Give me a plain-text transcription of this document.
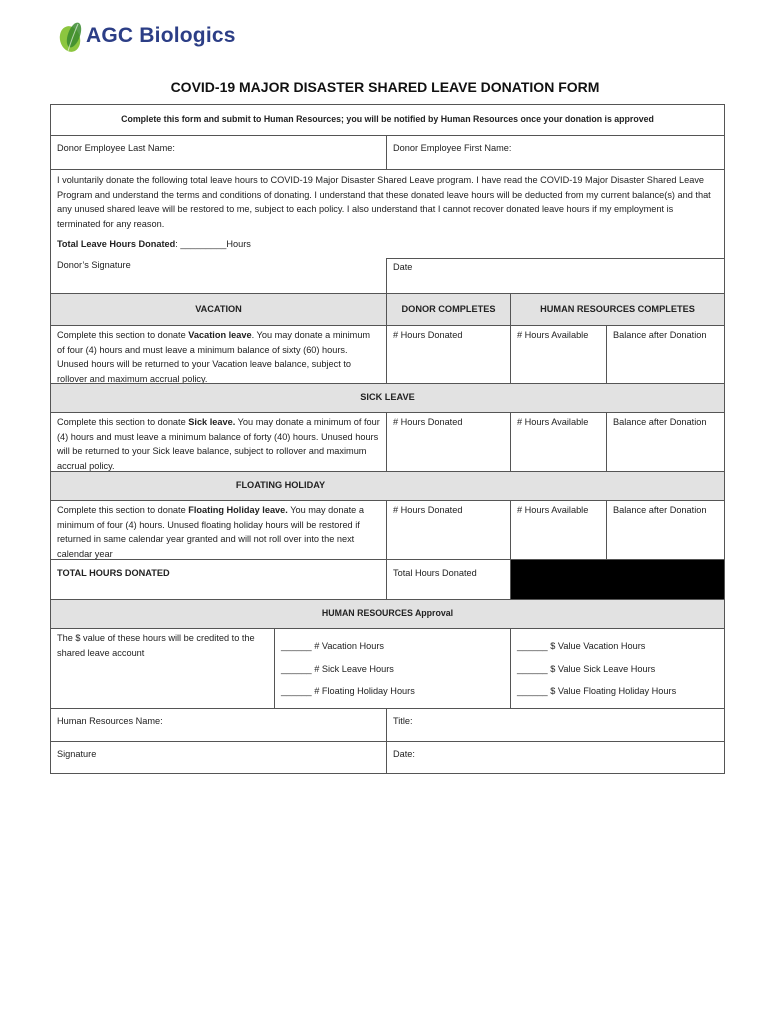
AGC Biologics
COVID-19 MAJOR DISASTER SHARED LEAVE DONATION FORM
Complete this form and submit to Human Resources; you will be notified by Human Resources once your donation is approved
Donor Employee Last Name:	Donor Employee First Name:
I voluntarily donate the following total leave hours to COVID-19 Major Disaster Shared Leave program. I have read the COVID-19 Major Disaster Shared Leave Program and understand the terms and conditions of donating. I understand that these donated leave hours will be deducted from my current balance(s) and that any unused shared leave will be restored to me, subject to each policy. I also understand that I cannot recover donated leave hours if my employment is terminated for any reason.
Total Leave Hours Donated: _________Hours
Donor’s Signature	Date
VACATION	DONOR COMPLETES	HUMAN RESOURCES COMPLETES
Complete this section to donate Vacation leave. You may donate a minimum of four (4) hours and must leave a minimum balance of sixty (60) hours. Unused hours will be returned to your Vacation leave balance, subject to rollover and maximum accrual policy.
# Hours Donated	# Hours Available	Balance after Donation
SICK LEAVE
Complete this section to donate Sick leave. You may donate a minimum of four (4) hours and must leave a minimum balance of forty (40) hours. Unused hours will be returned to your Sick leave balance, subject to rollover and maximum accrual policy.
# Hours Donated	# Hours Available	Balance after Donation
FLOATING HOLIDAY
Complete this section to donate Floating Holiday leave. You may donate a minimum of four (4) hours. Unused floating holiday hours will be restored if returned in same calendar year granted and will not roll over into the next calendar year
# Hours Donated	# Hours Available	Balance after Donation
TOTAL HOURS DONATED	Total Hours Donated
HUMAN RESOURCES Approval
The $ value of these hours will be credited to the shared leave account
______ # Vacation Hours
______ # Sick Leave Hours
______ # Floating Holiday Hours
______ $ Value Vacation Hours
______ $ Value Sick Leave Hours
______ $ Value Floating Holiday Hours
Human Resources Name:	Title:
Signature	Date:
